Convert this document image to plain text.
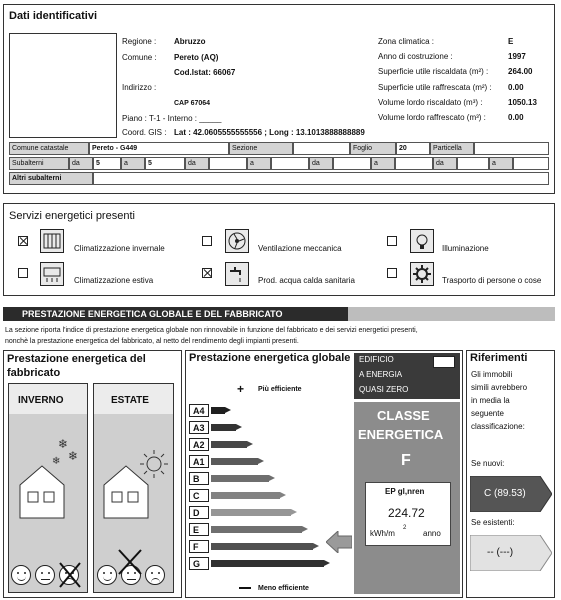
Dati identificativi
Regione : Abruzzo
Comune : Pereto (AQ)
Cod.Istat: 66067
Indirizzo :
CAP 67064
Piano : T-1 - Interno : _____
Coord. GIS : Lat : 42.0605555555556 ; Long : 13.1013888888889
Zona climatica :	E
Anno di costruzione :	1997
Superficie utile riscaldata (m²) : 264.00
Superficie utile raffrescata (m²) : 0.00
Volume lordo riscaldato (m³) :	1050.13
Volume lordo raffrescato (m³) :	0.00
Comune catastale	Pereto - G449	Sezione	Foglio	20	Particella
Subalterni	da	5	a	5	da	a	da	a	da	a
Altri subalterni
Servizi energetici presenti
Climatizzazione invernale	Ventilazione meccanica	Illuminazione
Climatizzazione estiva	Prod. acqua calda sanitaria	Trasporto di persone o cose
PRESTAZIONE ENERGETICA GLOBALE E DEL FABBRICATO
La sezione riporta l'indice di prestazione energetica globale non rinnovabile in funzione del fabbricato e dei servizi energetici presenti,
nonchè la prestazione energetica del fabbricato, al netto del rendimento degli impianti presenti.
Prestazione energetica del fabbricato
INVERNO
❄
❄
❄
ESTATE
Prestazione energetica globale
+ Più efficiente
A4
A3
A2
A1
B
C
D
E
F
G
Meno efficiente
EDIFICIO
A ENERGIA
QUASI ZERO
CLASSE
ENERGETICA
F
EP gl,nren
224.72
kWh/m
2
anno
Riferimenti
Gli immobili
simili avrebbero
in media la
seguente
classificazione:
Se nuovi:
C (89.53)
Se esistenti:
-- (---)
